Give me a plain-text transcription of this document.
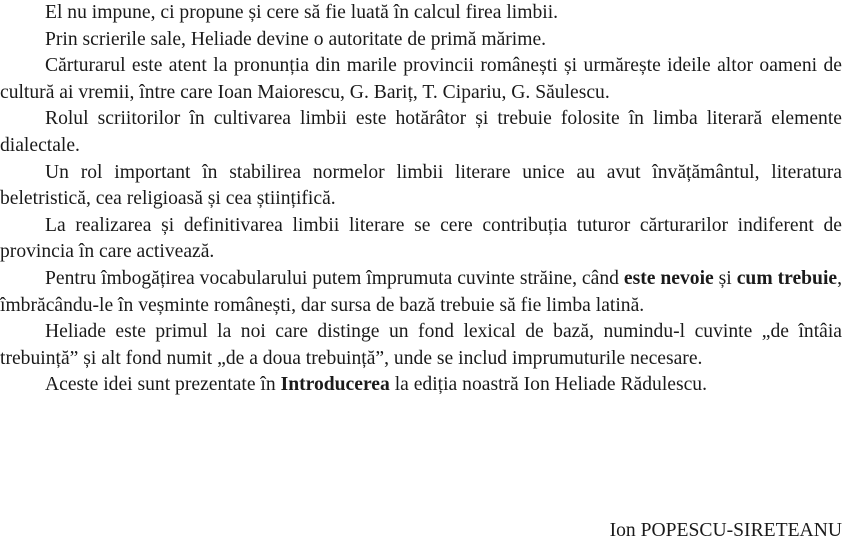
El nu impune, ci propune și cere să fie luată în calcul firea limbii.

Prin scrierile sale, Heliade devine o autoritate de primă mărime.

Cărturarul este atent la pronunția din marile provincii românești și urmărește ideile altor oameni de cultură ai vremii, între care Ioan Maiorescu, G. Bariț, T. Cipariu, G. Săulescu.

Rolul scriitorilor în cultivarea limbii este hotărâtor și trebuie folosite în limba literară elemente dialectale.

Un rol important în stabilirea normelor limbii literare unice au avut învățământul, literatura beletristică, cea religioasă și cea științifică.

La realizarea și definitivarea limbii literare se cere contribuția tuturor cărturarilor indiferent de provincia în care activează.

Pentru îmbogățirea vocabularului putem împrumuta cuvinte străine, când este nevoie și cum trebuie, îmbrăcându-le în veșminte românești, dar sursa de bază trebuie să fie limba latină.

Heliade este primul la noi care distinge un fond lexical de bază, numindu-l cuvinte „de întâia trebuință” și alt fond numit „de a doua trebuință”, unde se includ imprumuturile necesare.

Aceste idei sunt prezentate în Introducerea la ediția noastră Ion Heliade Rădulescu.

Ion POPESCU-SIRETEANU
